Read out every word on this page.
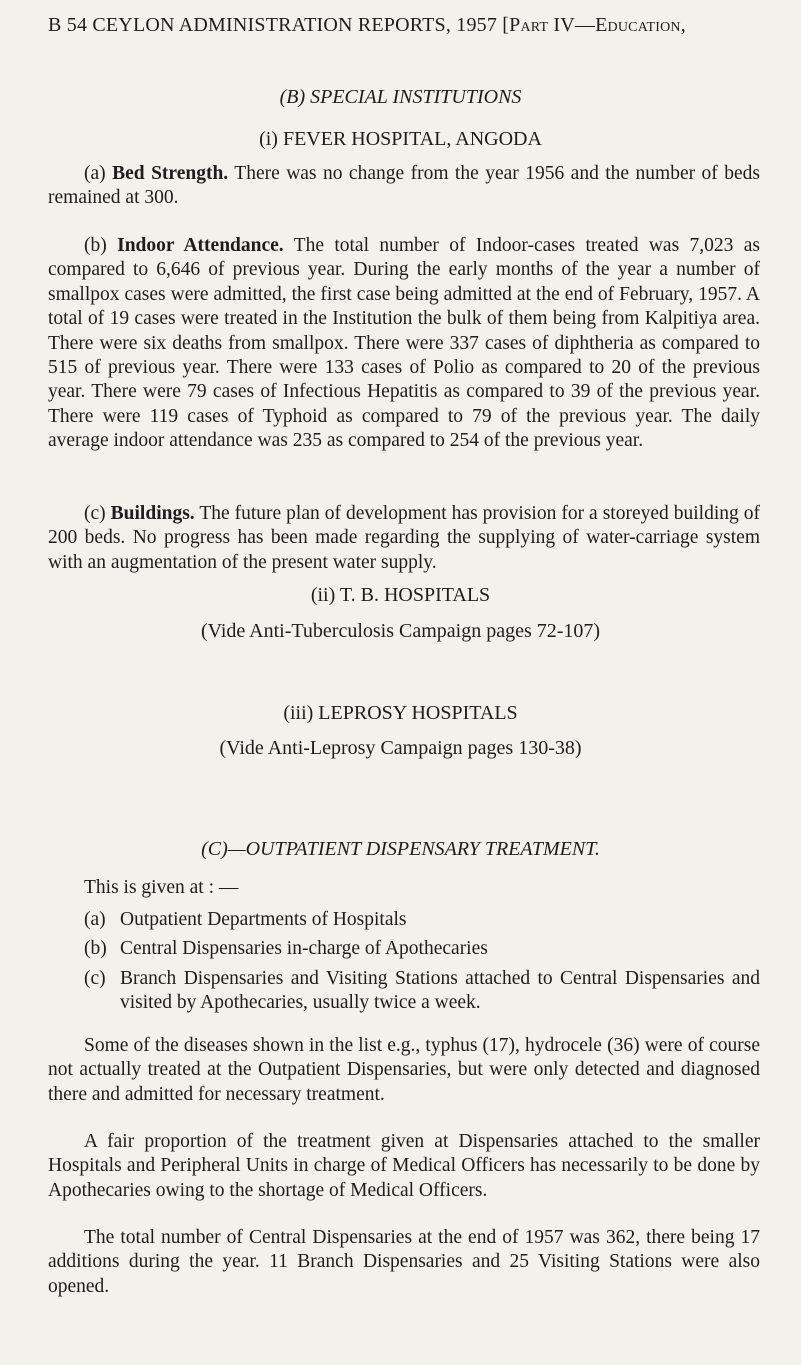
B 54 CEYLON ADMINISTRATION REPORTS, 1957 [Part IV—Education,
(B) SPECIAL INSTITUTIONS
(i) FEVER HOSPITAL, ANGODA

(a) Bed Strength. There was no change from the year 1956 and the number of beds remained at 300.

(b) Indoor Attendance. The total number of Indoor-cases treated was 7,023 as compared to 6,646 of previous year. During the early months of the year a number of smallpox cases were admitted, the first case being admitted at the end of February, 1957. A total of 19 cases were treated in the Institution the bulk of them being from Kalpitiya area. There were six deaths from smallpox. There were 337 cases of diphtheria as compared to 515 of previous year. There were 133 cases of Polio as compared to 20 of the previous year. There were 79 cases of Infectious Hepatitis as compared to 39 of the previous year. There were 119 cases of Typhoid as compared to 79 of the previous year. The daily average indoor attendance was 235 as compared to 254 of the previous year.

(c) Buildings. The future plan of development has provision for a storeyed building of 200 beds. No progress has been made regarding the supplying of water-carriage system with an augmentation of the present water supply.

(ii) T. B. HOSPITALS
(Vide Anti-Tuberculosis Campaign pages 72-107)
(iii) LEPROSY HOSPITALS
(Vide Anti-Leprosy Campaign pages 130-38)
(C)—OUTPATIENT DISPENSARY TREATMENT.
This is given at : —
(a) Outpatient Departments of Hospitals
(b) Central Dispensaries in-charge of Apothecaries
(c) Branch Dispensaries and Visiting Stations attached to Central Dispensaries and visited by Apothecaries, usually twice a week.

Some of the diseases shown in the list e.g., typhus (17), hydrocele (36) were of course not actually treated at the Outpatient Dispensaries, but were only detected and diagnosed there and admitted for necessary treatment.

A fair proportion of the treatment given at Dispensaries attached to the smaller Hospitals and Peripheral Units in charge of Medical Officers has necessarily to be done by Apothecaries owing to the shortage of Medical Officers.

The total number of Central Dispensaries at the end of 1957 was 362, there being 17 additions during the year. 11 Branch Dispensaries and 25 Visiting Stations were also opened.
